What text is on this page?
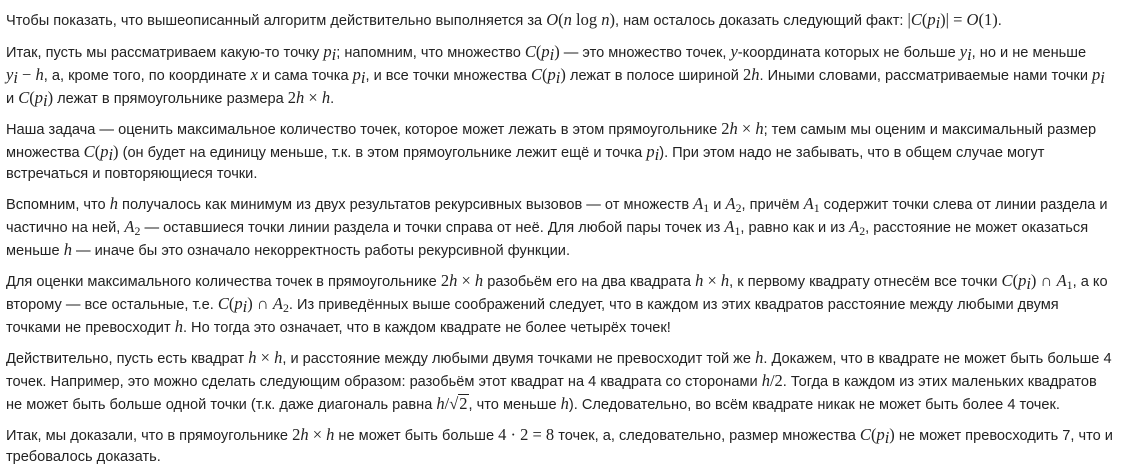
Чтобы показать, что вышеописанный алгоритм действительно выполняется за O(n log n), нам осталось доказать следующий факт: $|C(p_i)| = O(1)$.

Итак, пусть мы рассматриваем какую-то точку $p_i$; напомним, что множество $C(p_i)$ — это множество точек, y-координата которых не больше $y_i$, но и не меньше $y_i - h$, а, кроме того, по координате x и сама точка $p_i$, и все точки множества $C(p_i)$ лежат в полосе шириной 2h. Иными словами, рассматриваемые нами точки $p_i$ и $C(p_i)$ лежат в прямоугольнике размера 2h × h.

Наша задача — оценить максимальное количество точек, которое может лежать в этом прямоугольнике 2h × h; тем самым мы оценим и максимальный размер множества $C(p_i)$ (он будет на единицу меньше, т.к. в этом прямоугольнике лежит ещё и точка $p_i$). При этом надо не забывать, что в общем случае могут встречаться и повторяющиеся точки.

Вспомним, что h получалось как минимум из двух результатов рекурсивных вызовов — от множеств $A_1$ и $A_2$, причём $A_1$ содержит точки слева от линии раздела и частично на ней, $A_2$ — оставшиеся точки линии раздела и точки справа от неё. Для любой пары точек из $A_1$, равно как и из $A_2$, расстояние не может оказаться меньше h — иначе бы это означало некорректность работы рекурсивной функции.

Для оценки максимального количества точек в прямоугольнике 2h × h разобьём его на два квадрата h × h, к первому квадрату отнесём все точки $C(p_i)$ ∩ $A_1$, а ко второму — все остальные, т.е. $C(p_i)$ ∩ $A_2$. Из приведённых выше соображений следует, что в каждом из этих квадратов расстояние между любыми двумя точками не превосходит h. Но тогда это означает, что в каждом квадрате не более четырёх точек!

Действительно, пусть есть квадрат h × h, и расстояние между любыми двумя точками не превосходит той же h. Докажем, что в квадрате не может быть больше 4 точек. Например, это можно сделать следующим образом: разобьём этот квадрат на 4 квадрата со сторонами h/2. Тогда в каждом из этих маленьких квадратов не может быть больше одной точки (т.к. даже диагональ равна h/√2, что меньше h). Следовательно, во всём квадрате никак не может быть более 4 точек.

Итак, мы доказали, что в прямоугольнике 2h × h не может быть больше 4 · 2 = 8 точек, а, следовательно, размер множества $C(p_i)$ не может превосходить 7, что и требовалось доказать.
